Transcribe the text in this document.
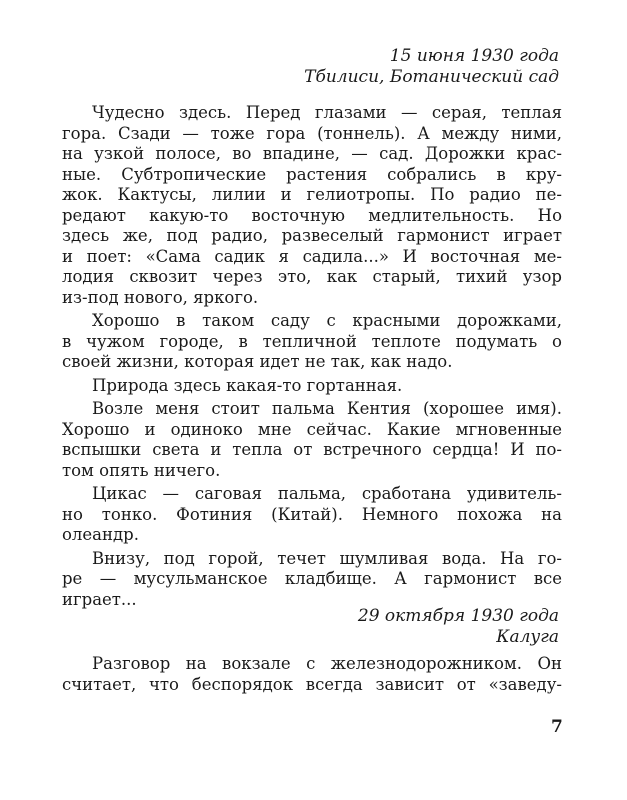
15 июня 1930 года
Тбилиси, Ботанический сад

Чудесно здесь. Перед глазами — серая, теплая
гора. Сзади — тоже гора (тоннель). А между ними,
на узкой полосе, во впадине, — сад. Дорожки крас-
ные. Субтропические растения собрались в кру-
жок. Кактусы, лилии и гелиотропы. По радио пе-
редают какую-то восточную медлительность. Но
здесь же, под радио, развеселый гармонист играет
и поет: «Сама садик я садила...» И восточная ме-
лодия сквозит через это, как старый, тихий узор
из-под нового, яркого.

Хорошо в таком саду с красными дорожками,
в чужом городе, в тепличной теплоте подумать о
своей жизни, которая идет не так, как надо.

Природа здесь какая-то гортанная.

Возле меня стоит пальма Кентия (хорошее имя).
Хорошо и одиноко мне сейчас. Какие мгновенные
вспышки света и тепла от встречного сердца! И по-
том опять ничего.

Цикас — саговая пальма, сработана удивитель-
но тонко. Фотиния (Китай). Немного похожа на
олеандр.

Внизу, под горой, течет шумливая вода. На го-
ре — мусульманское кладбище. А гармонист все
играет...

29 октября 1930 года
Калуга

Разговор на вокзале с железнодорожником. Он
считает, что беспорядок всегда зависит от «заведу-

7
